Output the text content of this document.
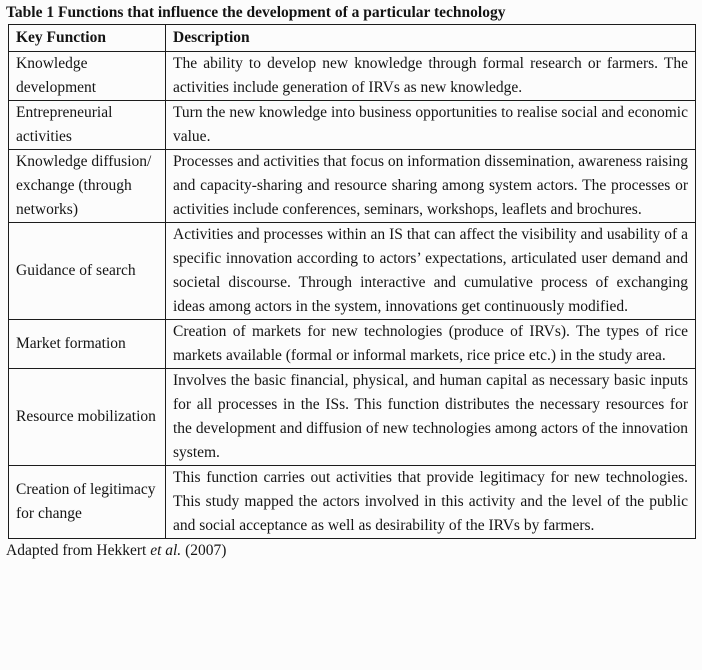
Table 1 Functions that influence the development of a particular technology
Key Function	Description
Knowledge development	The ability to develop new knowledge through formal research or farmers. The activities include generation of IRVs as new knowledge.
Entrepreneurial activities	Turn the new knowledge into business opportunities to realise social and economic value.
Knowledge diffusion/ exchange (through networks)	Processes and activities that focus on information dissemination, awareness raising and capacity-sharing and resource sharing among system actors. The processes or activities include conferences, seminars, workshops, leaflets and brochures.
Guidance of search	Activities and processes within an IS that can affect the visibility and usability of a specific innovation according to actors’ expectations, articulated user demand and societal discourse. Through interactive and cumulative process of exchanging ideas among actors in the system, innovations get continuously modified.
Market formation	Creation of markets for new technologies (produce of IRVs). The types of rice markets available (formal or informal markets, rice price etc.) in the study area.
Resource mobilization	Involves the basic financial, physical, and human capital as necessary basic inputs for all processes in the ISs. This function distributes the necessary resources for the development and diffusion of new technologies among actors of the innovation system.
Creation of legitimacy for change	This function carries out activities that provide legitimacy for new technologies. This study mapped the actors involved in this activity and the level of the public and social acceptance as well as desirability of the IRVs by farmers.
Adapted from Hekkert et al. (2007)
